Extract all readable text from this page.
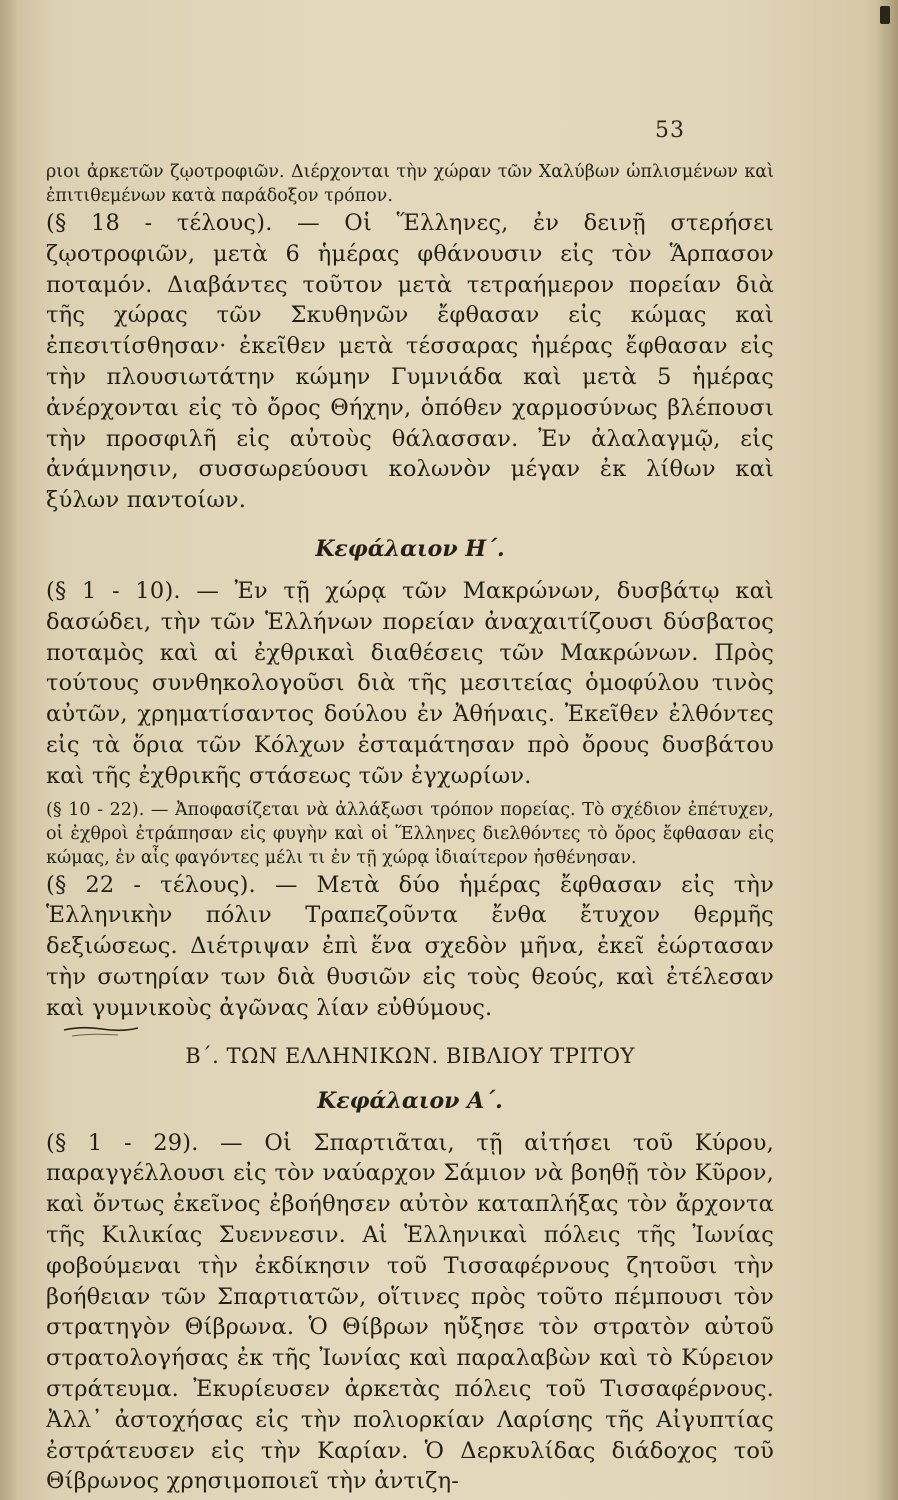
53

ριοι ἀρκετῶν ζῳοτροφιῶν. Διέρχονται τὴν χώραν τῶν Χαλύβων ὡπλισμένων καὶ ἐπιτιθεμένων κατὰ παράδοξον τρόπον.

(§ 18 - τέλους). — Οἱ Ἕλληνες, ἐν δεινῇ στερήσει ζῳοτροφιῶν, μετὰ 6 ἡμέρας φθάνουσιν εἰς τὸν Ἅρπασον ποταμόν. Διαβάντες τοῦτον μετὰ τετραήμερον πορείαν διὰ τῆς χώρας τῶν Σκυθηνῶν ἔφθασαν εἰς κώμας καὶ ἐπεσιτίσθησαν· ἐκεῖθεν μετὰ τέσσαρας ἡμέρας ἔφθασαν εἰς τὴν πλουσιωτάτην κώμην Γυμνιάδα καὶ μετὰ 5 ἡμέρας ἀνέρχονται εἰς τὸ ὄρος Θήχην, ὁπόθεν χαρμοσύνως βλέπουσι τὴν προσφιλῆ εἰς αὐτοὺς θάλασσαν. Ἐν ἀλαλαγμῷ, εἰς ἀνάμνησιν, συσσωρεύουσι κολωνὸν μέγαν ἐκ λίθων καὶ ξύλων παντοίων.

Κεφάλαιον Η΄.

(§ 1 - 10). — Ἐν τῇ χώρᾳ τῶν Μακρώνων, δυσβάτῳ καὶ δασώδει, τὴν τῶν Ἑλλήνων πορείαν ἀναχαιτίζουσι δύσβατος ποταμὸς καὶ αἱ ἐχθρικαὶ διαθέσεις τῶν Μακρώνων. Πρὸς τούτους συνθηκολογοῦσι διὰ τῆς μεσιτείας ὁμοφύλου τινὸς αὐτῶν, χρηματίσαντος δούλου ἐν Ἀθήναις. Ἐκεῖθεν ἐλθόντες εἰς τὰ ὅρια τῶν Κόλχων ἐσταμάτησαν πρὸ ὄρους δυσβάτου καὶ τῆς ἐχθρικῆς στάσεως τῶν ἐγχωρίων.

(§ 10 - 22). — Ἀποφασίζεται νὰ ἀλλάξωσι τρόπον πορείας. Τὸ σχέδιον ἐπέτυχεν, οἱ ἐχθροὶ ἐτράπησαν εἰς φυγὴν καὶ οἱ Ἕλληνες διελθόντες τὸ ὄρος ἔφθασαν εἰς κώμας, ἐν αἷς φαγόντες μέλι τι ἐν τῇ χώρᾳ ἰδιαίτερον ἠσθένησαν.

(§ 22 - τέλους). — Μετὰ δύο ἡμέρας ἔφθασαν εἰς τὴν Ἑλληνικὴν πόλιν Τραπεζοῦντα ἔνθα ἔτυχον θερμῆς δεξιώσεως. Διέτριψαν ἐπὶ ἕνα σχεδὸν μῆνα, ἐκεῖ ἑώρτασαν τὴν σωτηρίαν των διὰ θυσιῶν εἰς τοὺς θεούς, καὶ ἐτέλεσαν καὶ γυμνικοὺς ἀγῶνας λίαν εὐθύμους.

Β΄. ΤΩΝ ΕΛΛΗΝΙΚΩΝ. ΒΙΒΛΙΟΥ ΤΡΙΤΟΥ
Κεφάλαιον Α΄.

(§ 1 - 29). — Οἱ Σπαρτιᾶται, τῇ αἰτήσει τοῦ Κύρου, παραγγέλλουσι εἰς τὸν ναύαρχον Σάμιον νὰ βοηθῇ τὸν Κῦρον, καὶ ὄντως ἐκεῖνος ἐβοήθησεν αὐτὸν καταπλήξας τὸν ἄρχοντα τῆς Κιλικίας Συεννεσιν. Αἱ Ἑλληνικαὶ πόλεις τῆς Ἰωνίας φοβούμεναι τὴν ἐκδίκησιν τοῦ Τισσαφέρνους ζητοῦσι τὴν βοήθειαν τῶν Σπαρτιατῶν, οἵτινες πρὸς τοῦτο πέμπουσι τὸν στρατηγὸν Θίβρωνα. Ὁ Θίβρων ηὔξησε τὸν στρατὸν αὐτοῦ στρατολογήσας ἐκ τῆς Ἰωνίας καὶ παραλαβὼν καὶ τὸ Κύρειον στράτευμα. Ἐκυρίευσεν ἀρκετὰς πόλεις τοῦ Τισσαφέρνους. Ἀλλ᾽ ἀστοχήσας εἰς τὴν πολιορκίαν Λαρίσης τῆς Αἰγυπτίας ἐστράτευσεν εἰς τὴν Καρίαν. Ὁ Δερκυλίδας διάδοχος τοῦ Θίβρωνος χρησιμοποιεῖ τὴν ἀντιζη-
